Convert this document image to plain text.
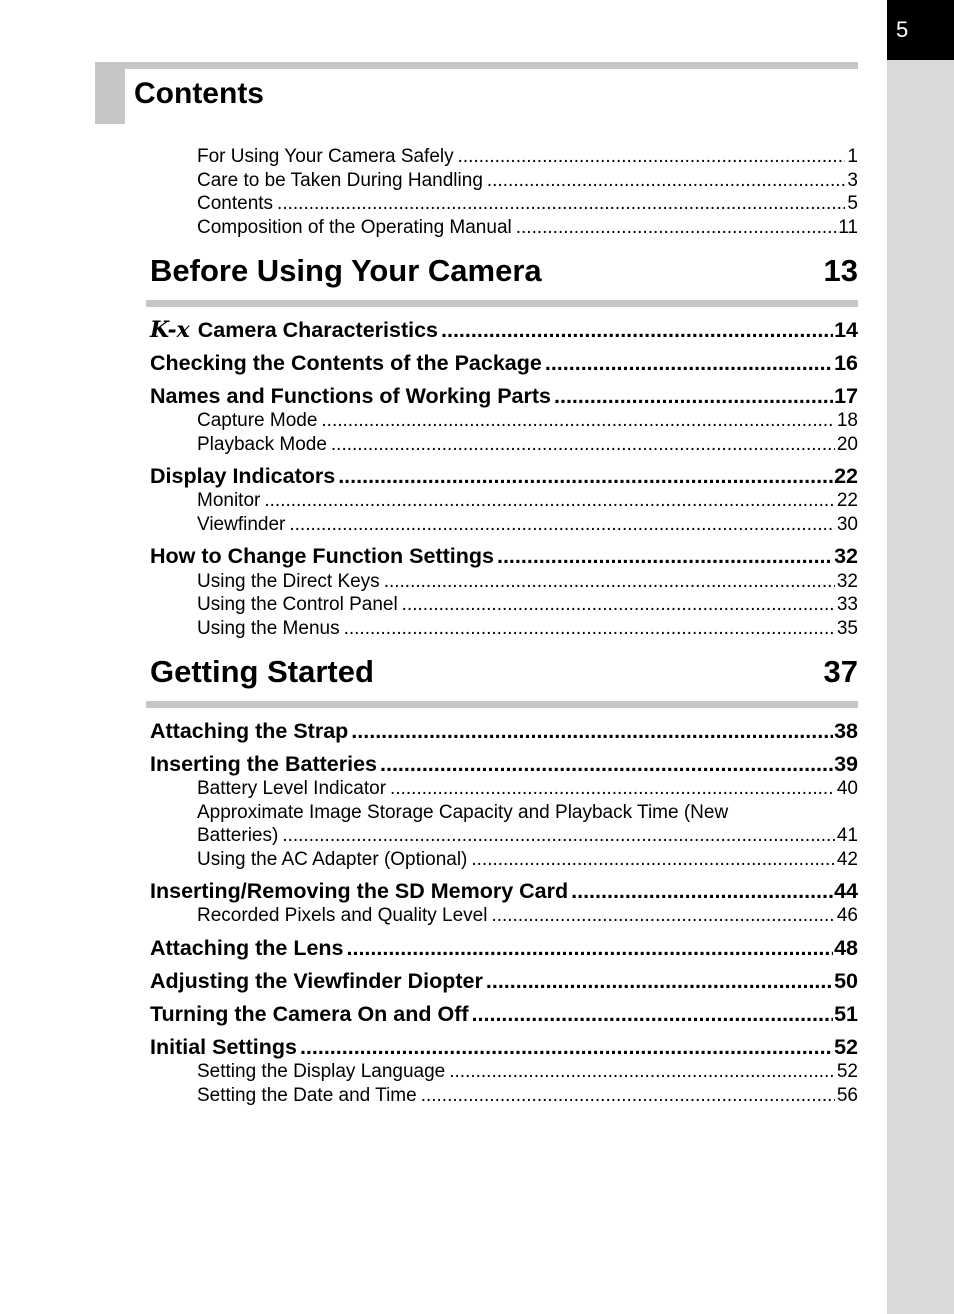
5
Contents
For Using Your Camera Safely .....	1
Care to be Taken During Handling .....	3
Contents .....	5
Composition of the Operating Manual .....	11
Before Using Your Camera	13
K-x Camera Characteristics .....	14
Checking the Contents of the Package .....	16
Names and Functions of Working Parts .....	17
Capture Mode .....	18
Playback Mode .....	20
Display Indicators .....	22
Monitor .....	22
Viewfinder .....	30
How to Change Function Settings .....	32
Using the Direct Keys .....	32
Using the Control Panel .....	33
Using the Menus .....	35
Getting Started	37
Attaching the Strap .....	38
Inserting the Batteries .....	39
Battery Level Indicator .....	40
Approximate Image Storage Capacity and Playback Time (New
Batteries) .....	41
Using the AC Adapter (Optional) .....	42
Inserting/Removing the SD Memory Card .....	44
Recorded Pixels and Quality Level .....	46
Attaching the Lens .....	48
Adjusting the Viewfinder Diopter .....	50
Turning the Camera On and Off .....	51
Initial Settings .....	52
Setting the Display Language .....	52
Setting the Date and Time .....	56
